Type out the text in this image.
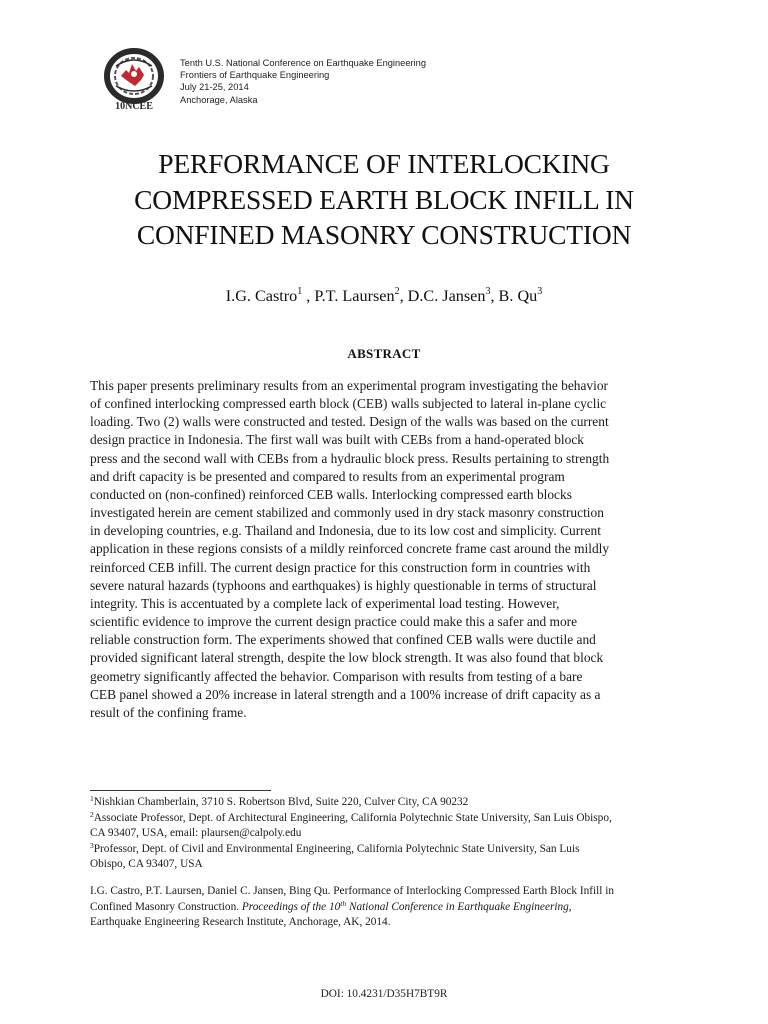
10NCEE
Tenth U.S. National Conference on Earthquake Engineering
Frontiers of Earthquake Engineering
July 21-25, 2014
Anchorage, Alaska
PERFORMANCE OF INTERLOCKING
COMPRESSED EARTH BLOCK INFILL IN
CONFINED MASONRY CONSTRUCTION
I.G. Castro$^1$ , P.T. Laursen$^2$, D.C. Jansen$^3$, B. Qu$^3$
ABSTRACT
This paper presents preliminary results from an experimental program investigating the behavior
of confined interlocking compressed earth block (CEB) walls subjected to lateral in-plane cyclic
loading. Two (2) walls were constructed and tested. Design of the walls was based on the current
design practice in Indonesia. The first wall was built with CEBs from a hand-operated block
press and the second wall with CEBs from a hydraulic block press. Results pertaining to strength
and drift capacity is be presented and compared to results from an experimental program
conducted on (non-confined) reinforced CEB walls. Interlocking compressed earth blocks
investigated herein are cement stabilized and commonly used in dry stack masonry construction
in developing countries, e.g. Thailand and Indonesia, due to its low cost and simplicity. Current
application in these regions consists of a mildly reinforced concrete frame cast around the mildly
reinforced CEB infill. The current design practice for this construction form in countries with
severe natural hazards (typhoons and earthquakes) is highly questionable in terms of structural
integrity. This is accentuated by a complete lack of experimental load testing. However,
scientific evidence to improve the current design practice could make this a safer and more
reliable construction form. The experiments showed that confined CEB walls were ductile and
provided significant lateral strength, despite the low block strength. It was also found that block
geometry significantly affected the behavior. Comparison with results from testing of a bare
CEB panel showed a 20% increase in lateral strength and a 100% increase of drift capacity as a
result of the confining frame.
$^1$Nishkian Chamberlain, 3710 S. Robertson Blvd, Suite 220, Culver City, CA 90232
$^2$Associate Professor, Dept. of Architectural Engineering, California Polytechnic State University, San Luis Obispo,
CA 93407, USA, email: plaursen@calpoly.edu
$^3$Professor, Dept. of Civil and Environmental Engineering, California Polytechnic State University, San Luis
Obispo, CA 93407, USA
I.G. Castro, P.T. Laursen, Daniel C. Jansen, Bing Qu. Performance of Interlocking Compressed Earth Block Infill in
Confined Masonry Construction. Proceedings of the 10th National Conference in Earthquake Engineering,
Earthquake Engineering Research Institute, Anchorage, AK, 2014.
DOI: 10.4231/D35H7BT9R
